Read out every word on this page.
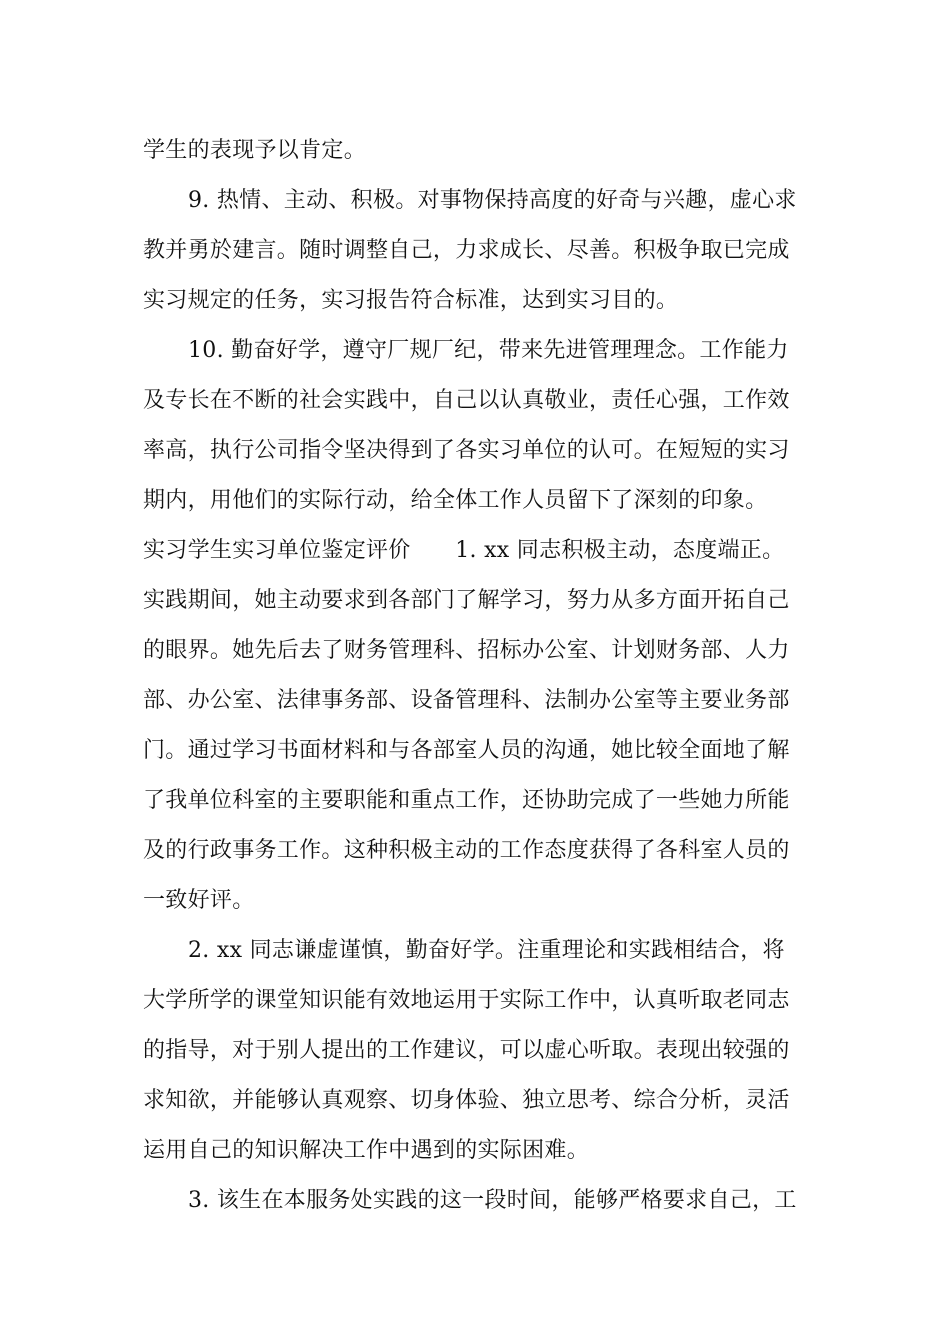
学生的表现予以肯定。
9. 热情、主动、积极。对事物保持高度的好奇与兴趣，虚心求
教并勇於建言。随时调整自己，力求成长、尽善。积极争取已完成
实习规定的任务，实习报告符合标准，达到实习目的。
10. 勤奋好学，遵守厂规厂纪，带来先进管理理念。工作能力
及专长在不断的社会实践中，自己以认真敬业，责任心强，工作效
率高，执行公司指令坚决得到了各实习单位的认可。在短短的实习
期内，用他们的实际行动，给全体工作人员留下了深刻的印象。
实习学生实习单位鉴定评价　　1. xx 同志积极主动，态度端正。
实践期间，她主动要求到各部门了解学习，努力从多方面开拓自己
的眼界。她先后去了财务管理科、招标办公室、计划财务部、人力
部、办公室、法律事务部、设备管理科、法制办公室等主要业务部
门。通过学习书面材料和与各部室人员的沟通，她比较全面地了解
了我单位科室的主要职能和重点工作，还协助完成了一些她力所能
及的行政事务工作。这种积极主动的工作态度获得了各科室人员的
一致好评。
2. xx 同志谦虚谨慎，勤奋好学。注重理论和实践相结合，将
大学所学的课堂知识能有效地运用于实际工作中，认真听取老同志
的指导，对于别人提出的工作建议，可以虚心听取。表现出较强的
求知欲，并能够认真观察、切身体验、独立思考、综合分析，灵活
运用自己的知识解决工作中遇到的实际困难。
3. 该生在本服务处实践的这一段时间，能够严格要求自己，工
